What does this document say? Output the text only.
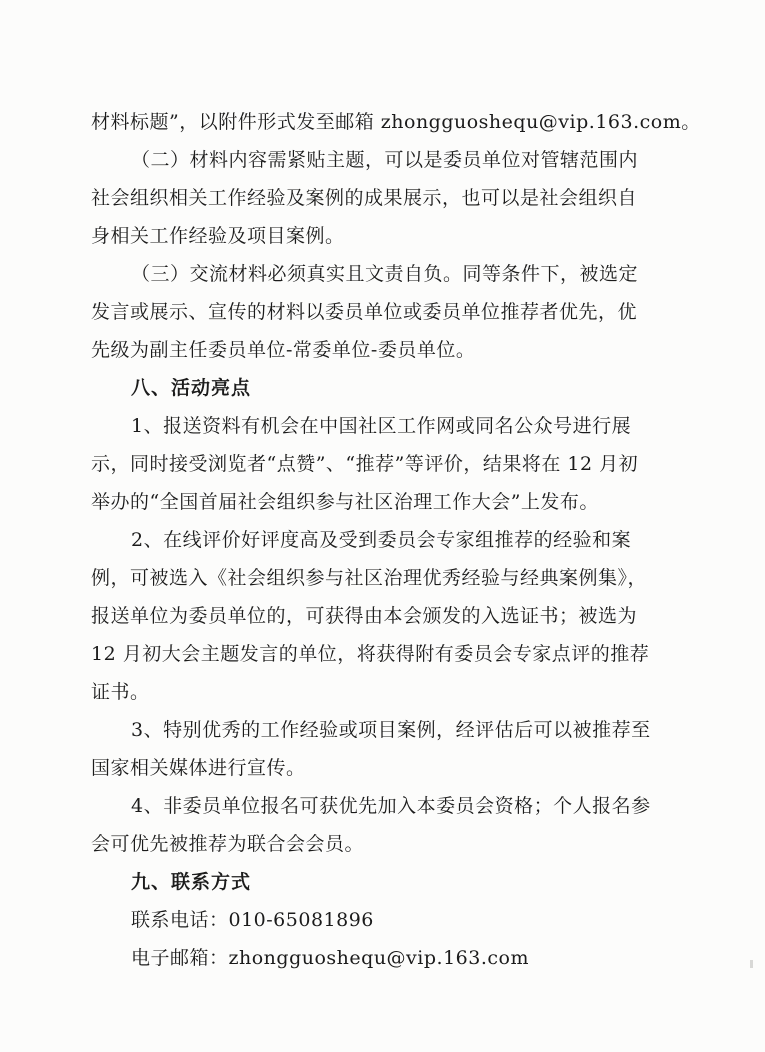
材料标题”，以附件形式发至邮箱 zhongguoshequ@vip.163.com。
（二）材料内容需紧贴主题，可以是委员单位对管辖范围内
社会组织相关工作经验及案例的成果展示，也可以是社会组织自
身相关工作经验及项目案例。
（三）交流材料必须真实且文责自负。同等条件下，被选定
发言或展示、宣传的材料以委员单位或委员单位推荐者优先，优
先级为副主任委员单位-常委单位-委员单位。
八、活动亮点
1、报送资料有机会在中国社区工作网或同名公众号进行展
示，同时接受浏览者“点赞”、“推荐”等评价，结果将在 12 月初
举办的“全国首届社会组织参与社区治理工作大会”上发布。
2、在线评价好评度高及受到委员会专家组推荐的经验和案
例，可被选入《社会组织参与社区治理优秀经验与经典案例集》，
报送单位为委员单位的，可获得由本会颁发的入选证书；被选为
12 月初大会主题发言的单位，将获得附有委员会专家点评的推荐
证书。
3、特别优秀的工作经验或项目案例，经评估后可以被推荐至
国家相关媒体进行宣传。
4、非委员单位报名可获优先加入本委员会资格；个人报名参
会可优先被推荐为联合会会员。
九、联系方式
联系电话：010-65081896
电子邮箱：zhongguoshequ@vip.163.com
